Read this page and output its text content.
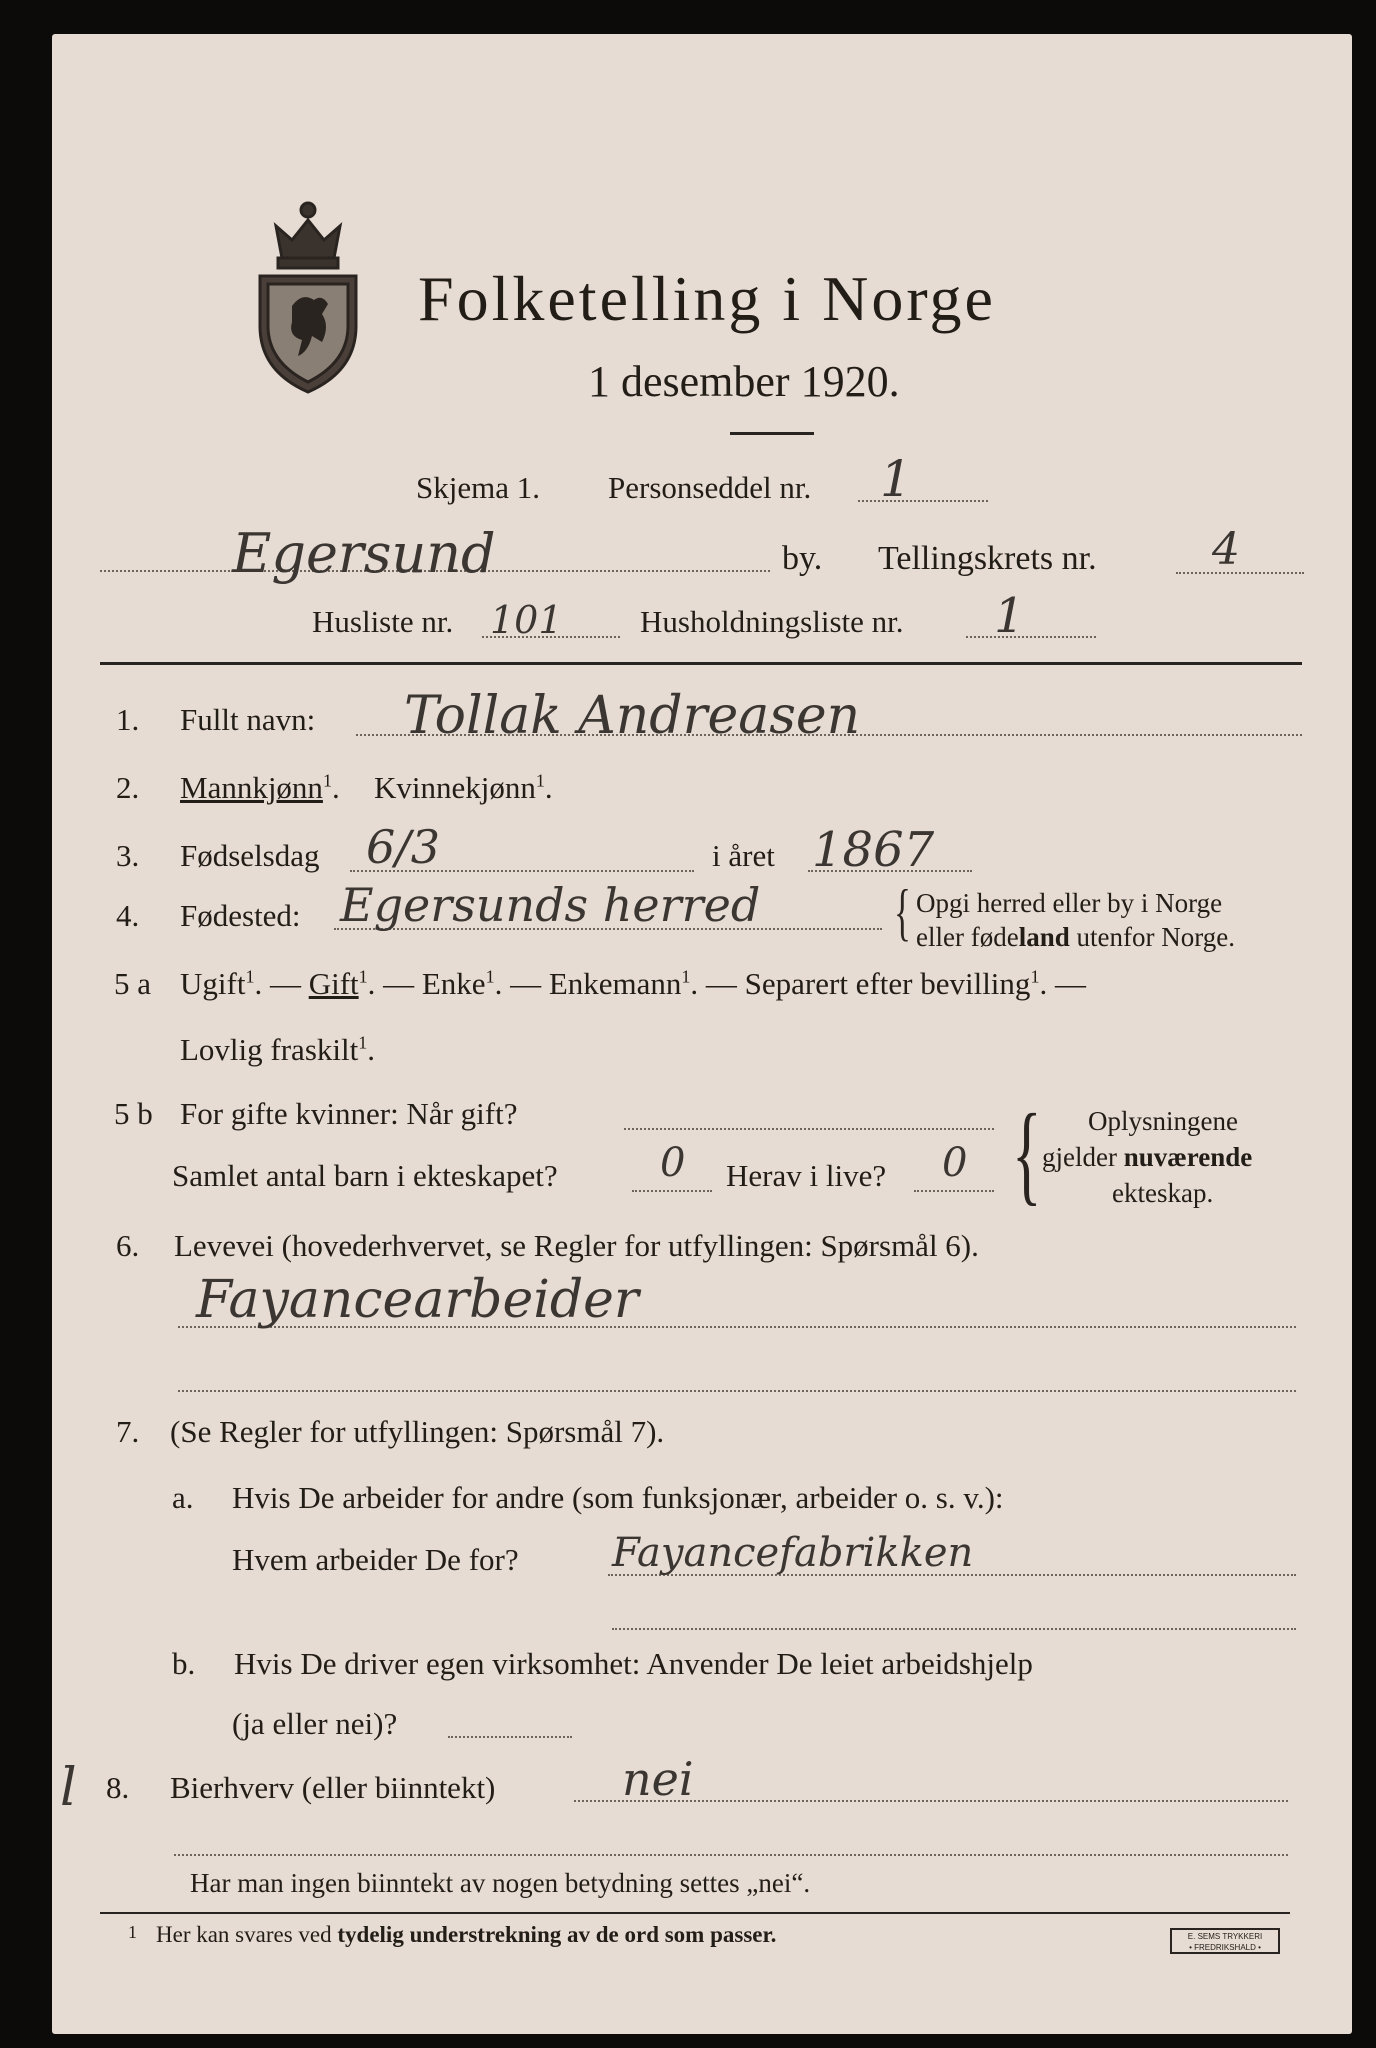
Folketelling i Norge
1 desember 1920.
Skjema 1. Personseddel nr. 1
Egersund	by. Tellingskrets nr.	4
Husliste nr. 101 Husholdningsliste nr. 1
1. Fullt navn: Tollak Andreasen
2. Mannkjønn$^1$. Kvinnekjønn$^1$.
3. Fødselsdag 6/3	i året 1867
4. Fødested: Egersunds herred { Opgi herred eller by i Norge
eller fødeland utenfor Norge.
5 a Ugift$^1$. — Gift$^1$. — Enke$^1$. — Enkemann$^1$. — Separert efter bevilling$^1$. —
Lovlig fraskilt$^1$.
5 b For gifte kvinner: Når gift?
Samlet antal barn i ekteskapet?	0 Herav i live? 0 { Oplysningene
gjelder nuværende
ekteskap.
6. Levevei (hovederhvervet, se Regler for utfyllingen: Spørsmål 6).
Fayancearbeider
7. (Se Regler for utfyllingen: Spørsmål 7).
a. Hvis De arbeider for andre (som funksjonær, arbeider o. s. v.):
Hvem arbeider De for? Fayancefabrikken
b. Hvis De driver egen virksomhet: Anvender De leiet arbeidshjelp
(ja eller nei)?
l 8. Bierhverv (eller biinntekt)	nei
Har man ingen biinntekt av nogen betydning settes „nei“.
1 Her kan svares ved tydelig understrekning av de ord som passer.	E. SEMS TRYKKERI
• FREDRIKSHALD •
